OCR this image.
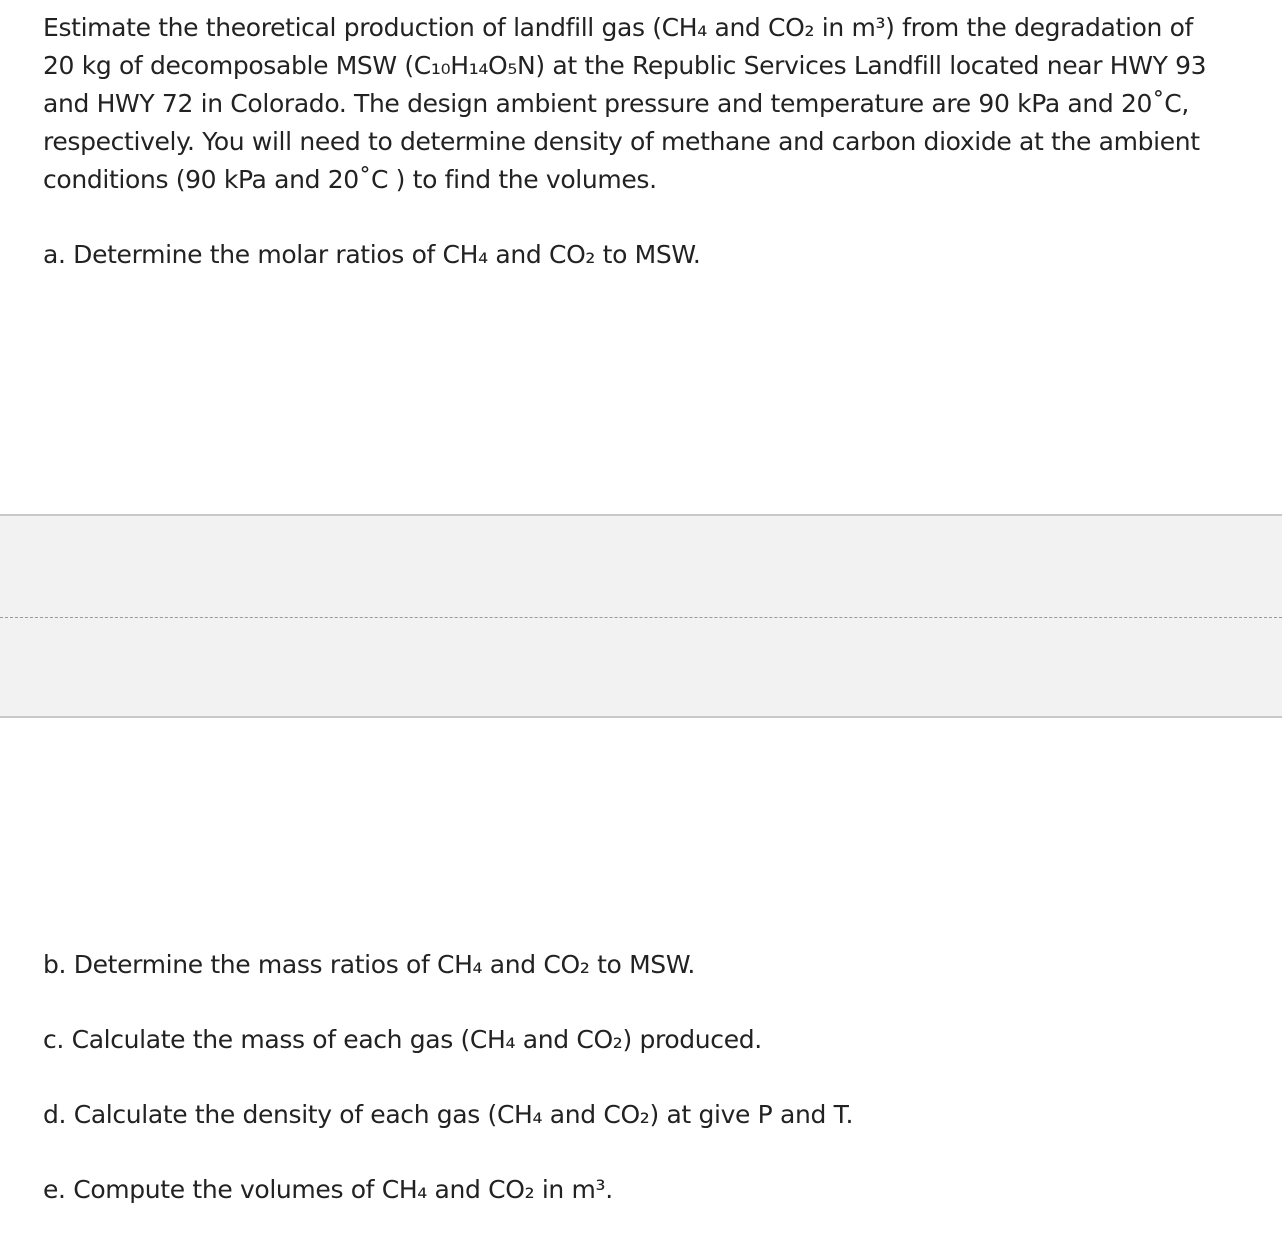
Estimate the theoretical production of landfill gas (CH₄ and CO₂ in m³) from the degradation of
20 kg of decomposable MSW (C₁₀H₁₄O₅N) at the Republic Services Landfill located near HWY 93
and HWY 72 in Colorado. The design ambient pressure and temperature are 90 kPa and 20˚C,
respectively. You will need to determine density of methane and carbon dioxide at the ambient
conditions (90 kPa and 20˚C ) to find the volumes.
a. Determine the molar ratios of CH₄ and CO₂ to MSW.
b. Determine the mass ratios of CH₄ and CO₂ to MSW.
c. Calculate the mass of each gas (CH₄ and CO₂) produced.
d. Calculate the density of each gas (CH₄ and CO₂) at give P and T.
e. Compute the volumes of CH₄ and CO₂ in m³.
